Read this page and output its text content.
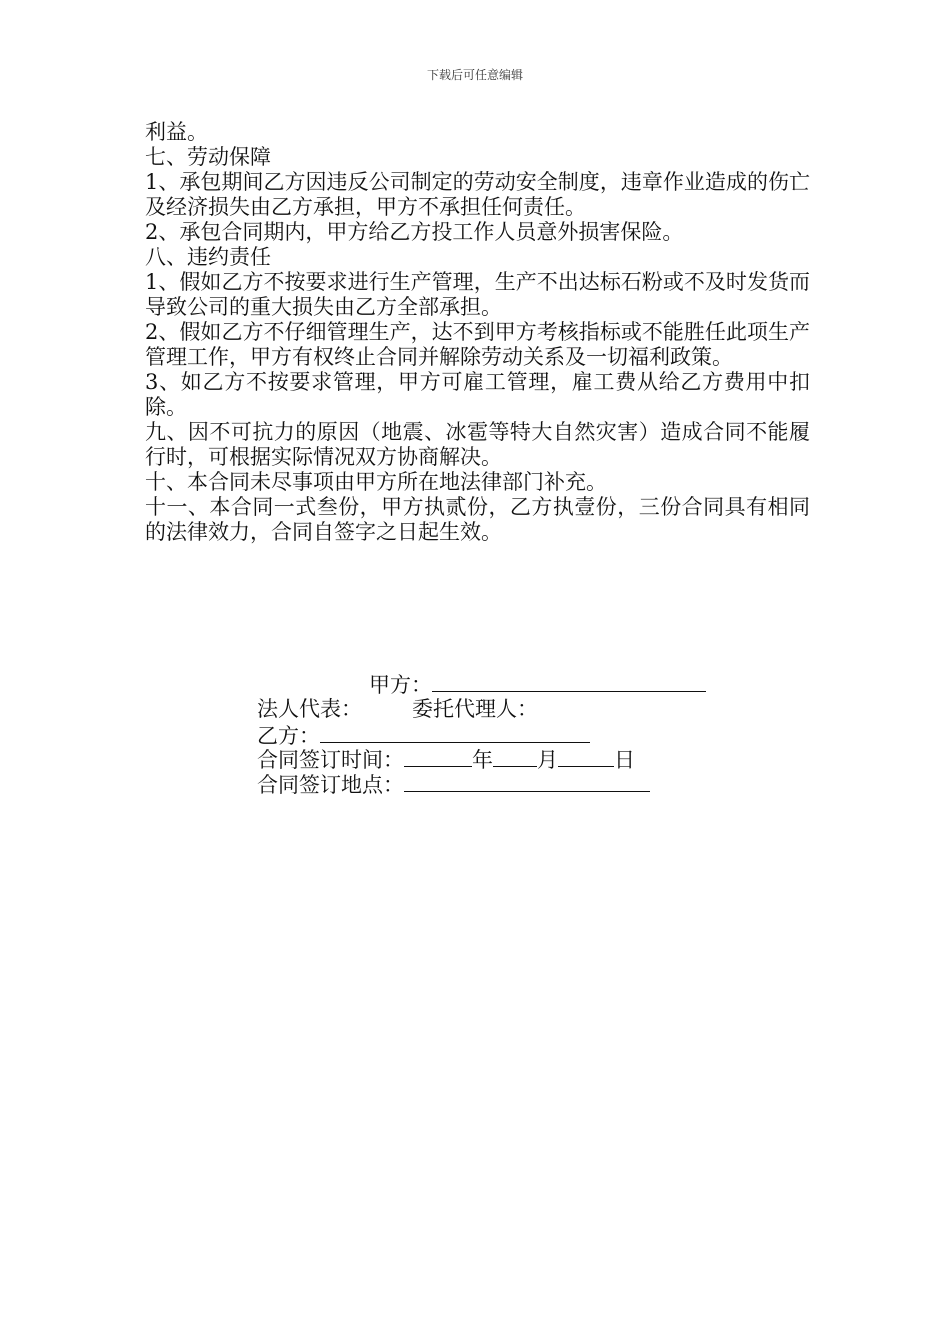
下载后可任意编辑

利益。

七、劳动保障

1、承包期间乙方因违反公司制定的劳动安全制度，违章作业造成的伤亡及经济损失由乙方承担，甲方不承担任何责任。

2、承包合同期内，甲方给乙方投工作人员意外损害保险。

八、违约责任

1、假如乙方不按要求进行生产管理，生产不出达标石粉或不及时发货而导致公司的重大损失由乙方全部承担。

2、假如乙方不仔细管理生产，达不到甲方考核指标或不能胜任此项生产管理工作，甲方有权终止合同并解除劳动关系及一切福利政策。

3、如乙方不按要求管理，甲方可雇工管理，雇工费从给乙方费用中扣除。

九、因不可抗力的原因（地震、冰雹等特大自然灾害）造成合同不能履行时，可根据实际情况双方协商解决。

十、本合同未尽事项由甲方所在地法律部门补充。

十一、本合同一式叁份，甲方执贰份，乙方执壹份，三份合同具有相同的法律效力，合同自签字之日起生效。

甲方：
法人代表： 委托代理人：
乙方：
合同签订时间：	年 月	日
合同签订地点：
